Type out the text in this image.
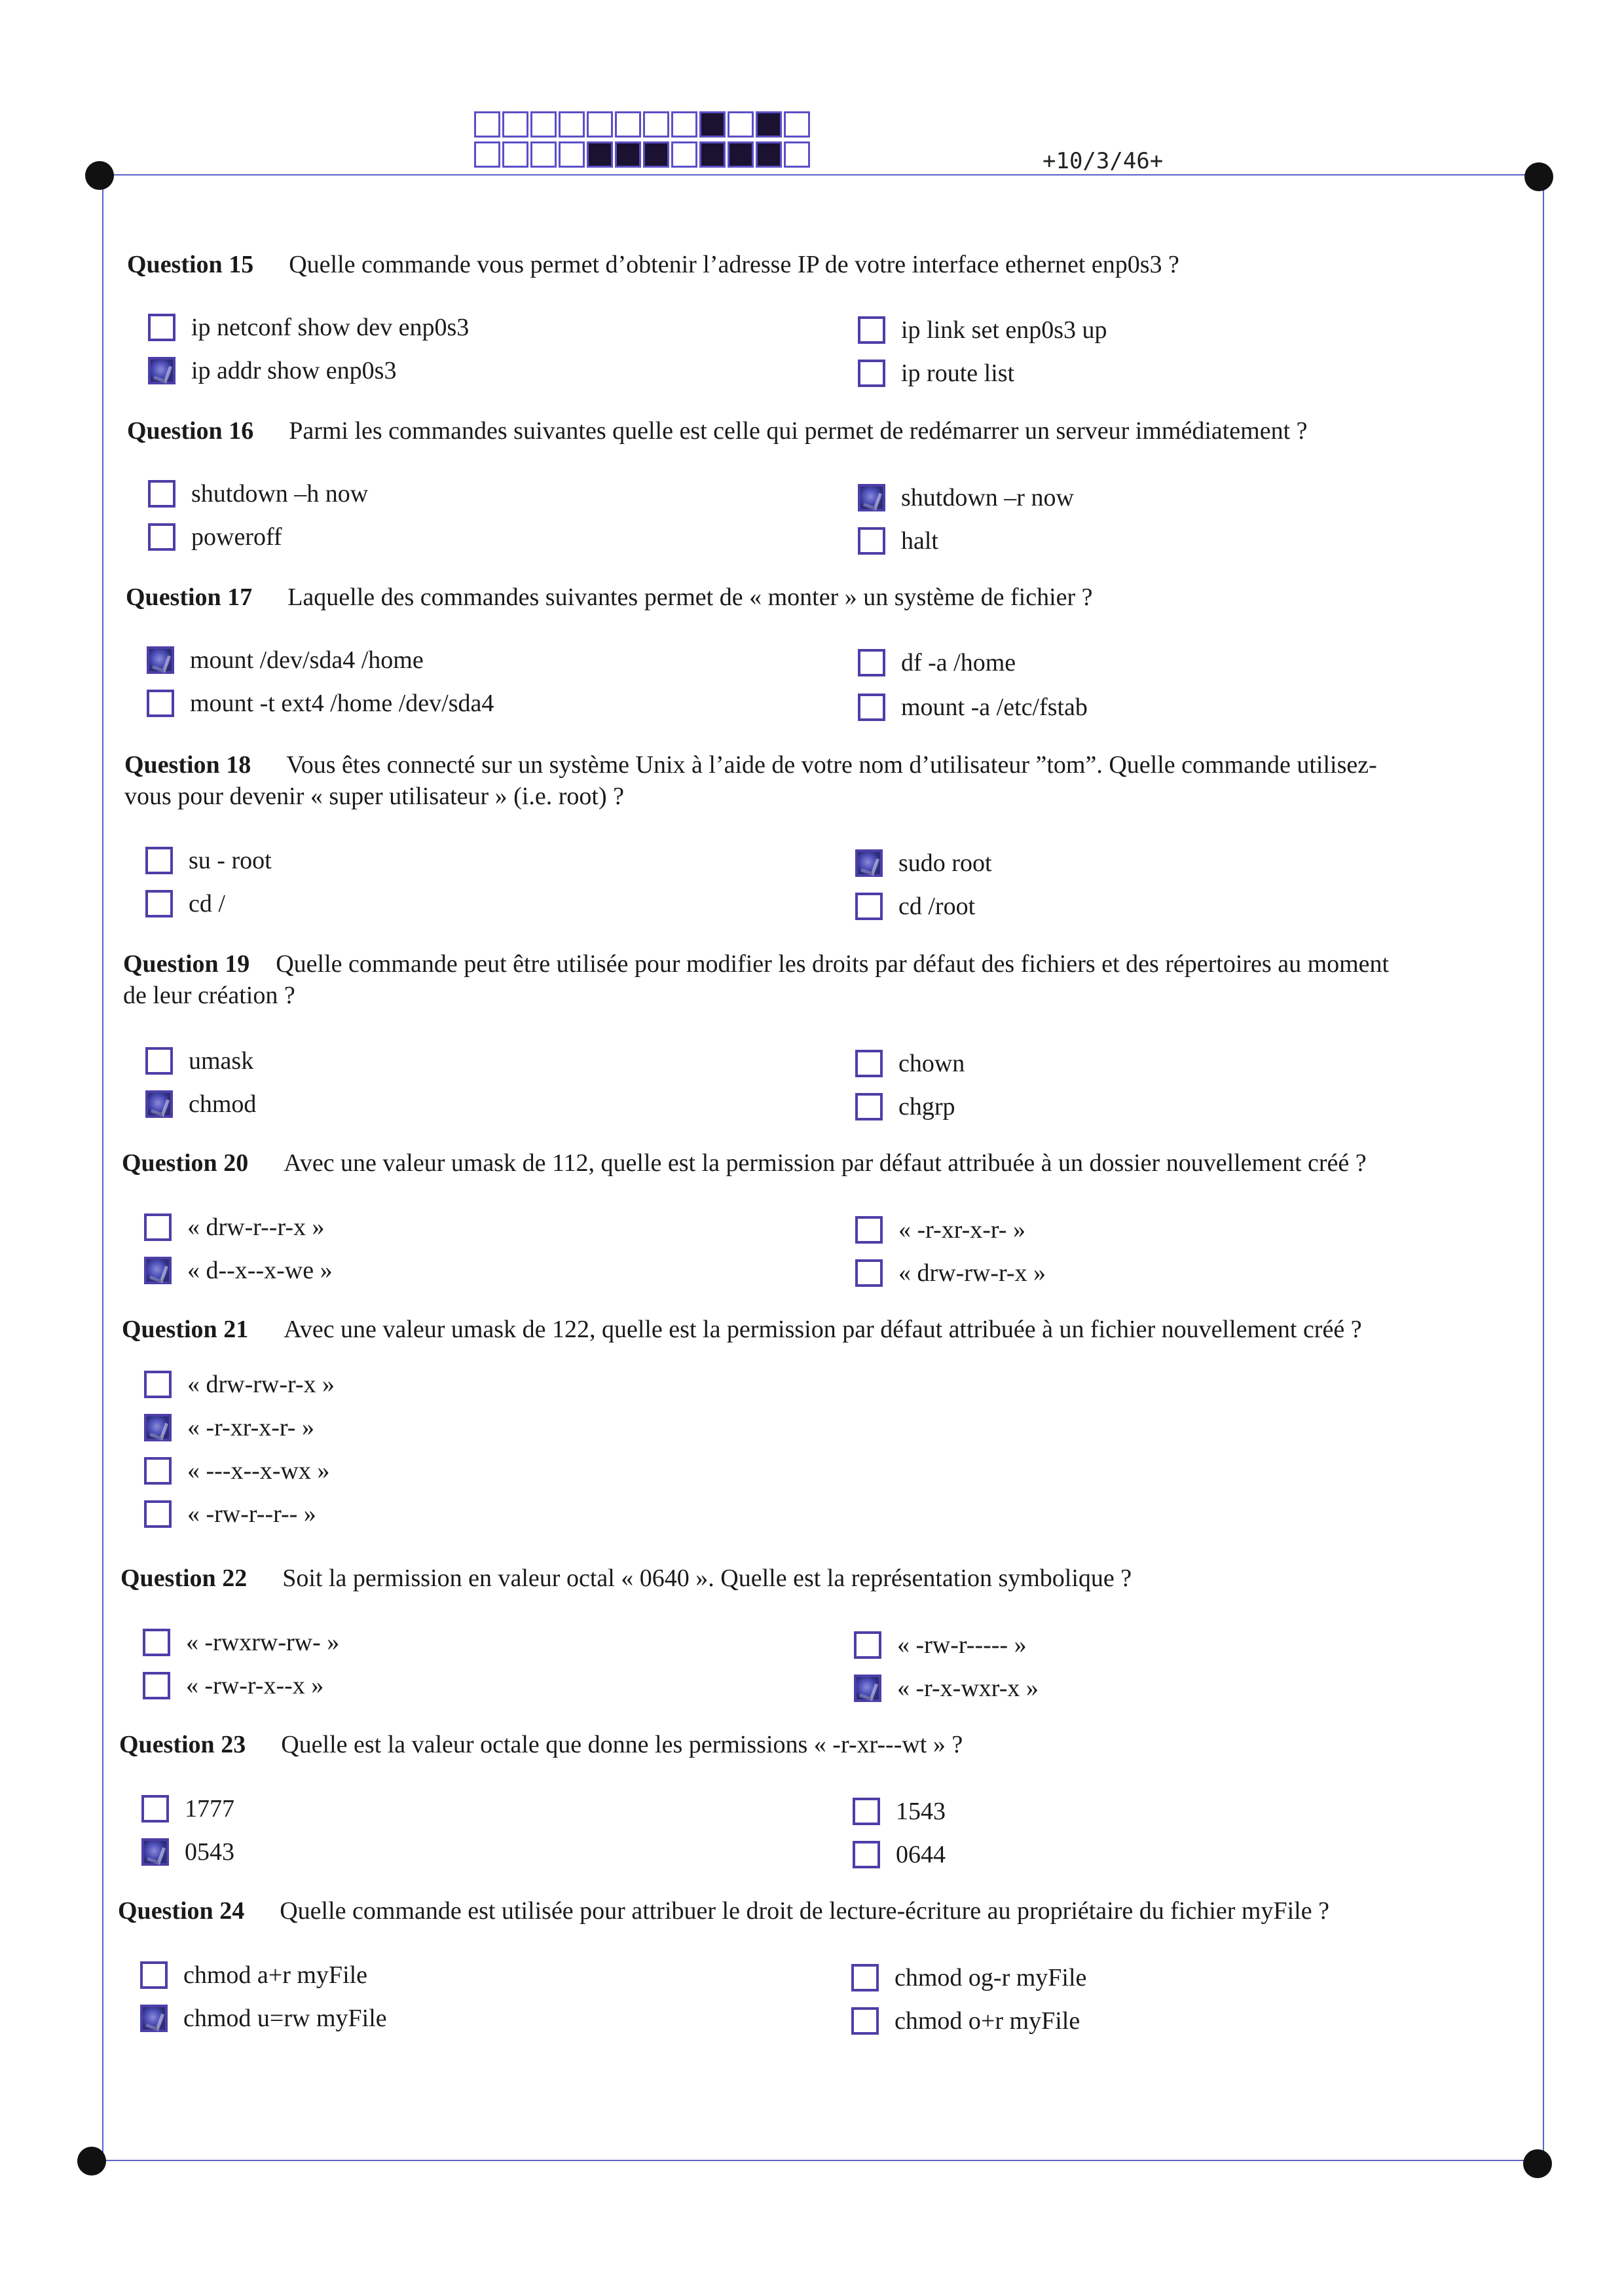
+10/3/46+
Question 15 Quelle commande vous permet d’obtenir l’adresse IP de votre interface ethernet enp0s3 ?
ip netconf show dev enp0s3
ip addr show enp0s3
ip link set enp0s3 up
ip route list
Question 16 Parmi les commandes suivantes quelle est celle qui permet de redémarrer un serveur immédiatement ?
shutdown –h now
poweroff
shutdown –r now
halt
Question 17 Laquelle des commandes suivantes permet de « monter » un système de fichier ?
mount /dev/sda4 /home
mount -t ext4 /home /dev/sda4
df -a /home
mount -a /etc/fstab
Question 18 Vous êtes connecté sur un système Unix à l’aide de votre nom d’utilisateur ”tom”. Quelle commande utilisez-
vous pour devenir « super utilisateur » (i.e. root) ?
su - root
cd /
sudo root
cd /root
Question 19 Quelle commande peut être utilisée pour modifier les droits par défaut des fichiers et des répertoires au moment
de leur création ?
umask
chmod
chown
chgrp
Question 20 Avec une valeur umask de 112, quelle est la permission par défaut attribuée à un dossier nouvellement créé ?
« drw-r--r-x »
« d--x--x-we »
« -r-xr-x-r- »
« drw-rw-r-x »
Question 21 Avec une valeur umask de 122, quelle est la permission par défaut attribuée à un fichier nouvellement créé ?
« drw-rw-r-x »
« -r-xr-x-r- »
« ---x--x-wx »
« -rw-r--r-- »
Question 22 Soit la permission en valeur octal « 0640 ». Quelle est la représentation symbolique ?
« -rwxrw-rw- »
« -rw-r-x--x »
« -rw-r----- »
« -r-x-wxr-x »
Question 23 Quelle est la valeur octale que donne les permissions « -r-xr---wt » ?
1777
0543
1543
0644
Question 24 Quelle commande est utilisée pour attribuer le droit de lecture-écriture au propriétaire du fichier myFile ?
chmod a+r myFile
chmod u=rw myFile
chmod og-r myFile
chmod o+r myFile
